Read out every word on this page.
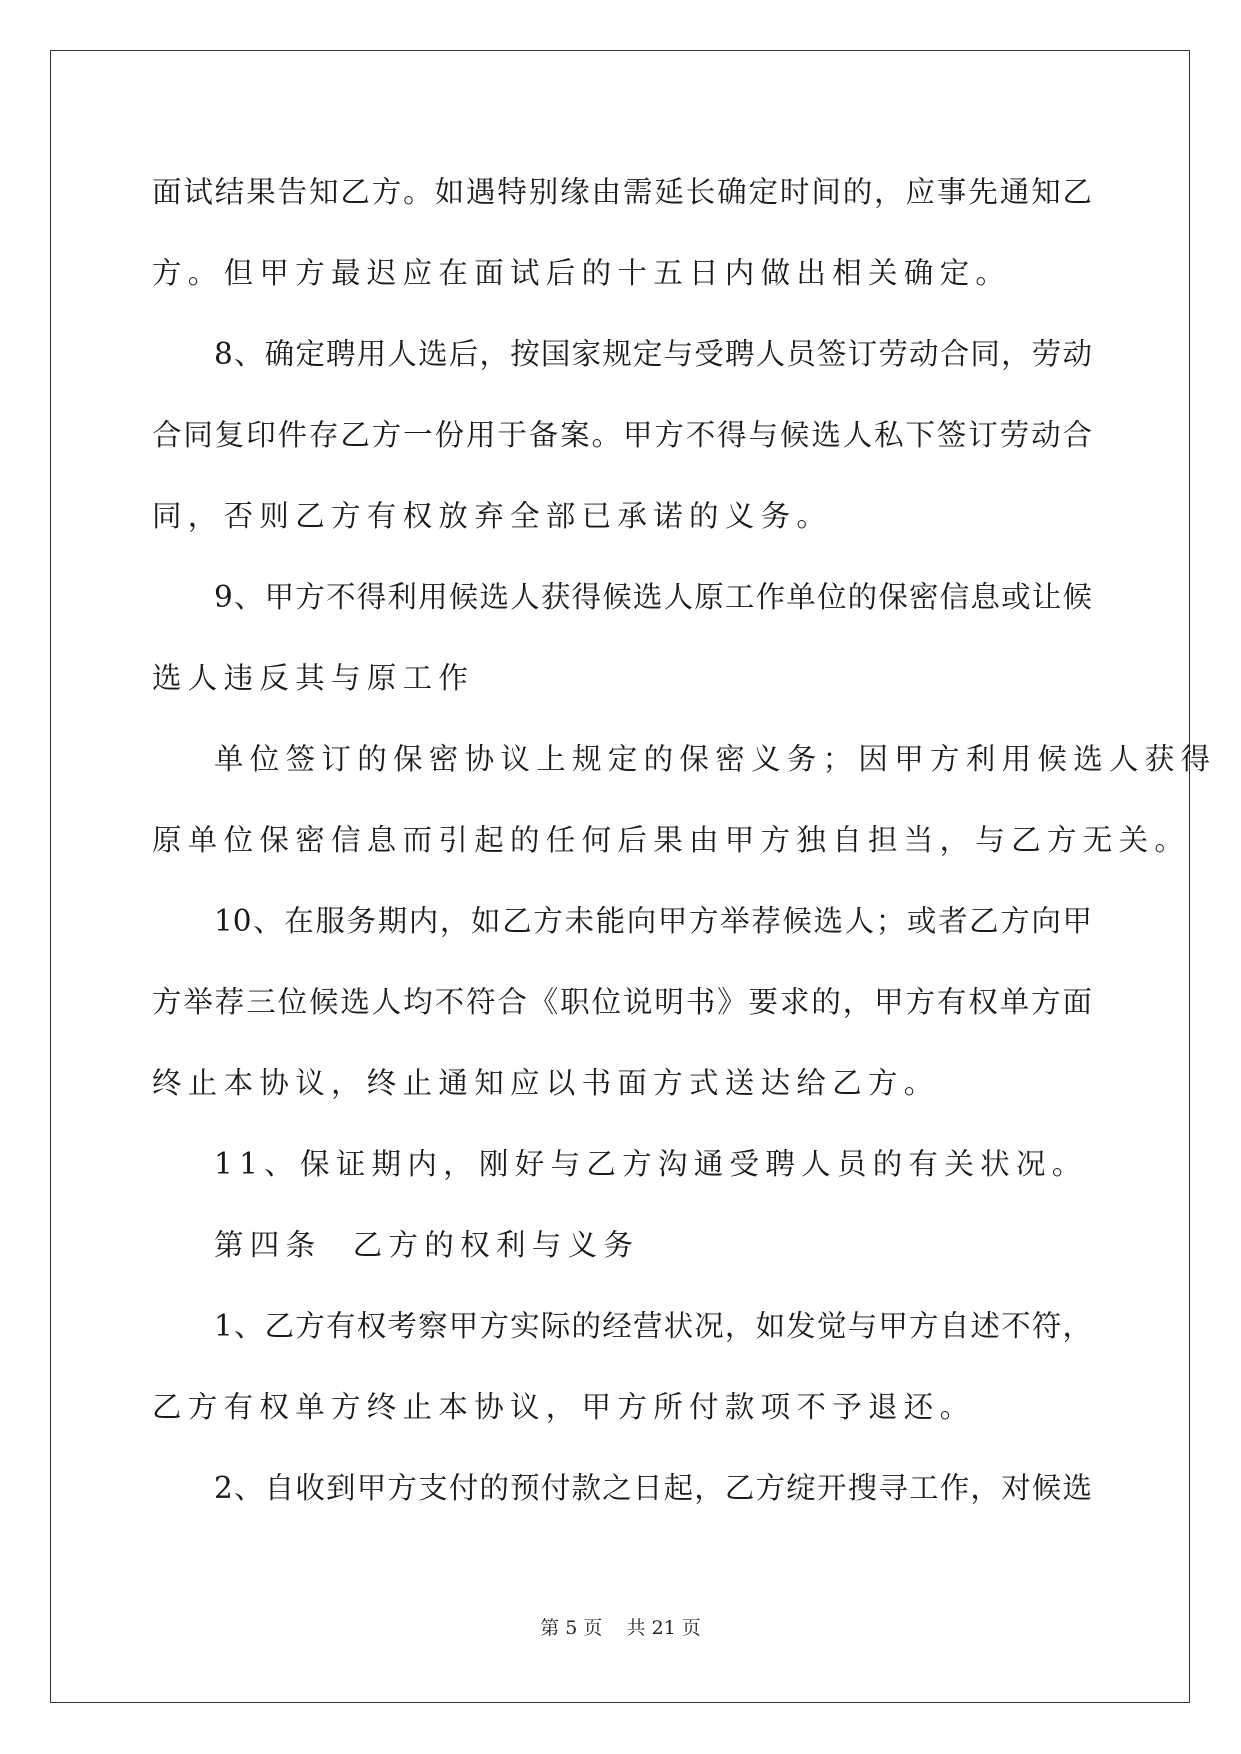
面试结果告知乙方。如遇特别缘由需延长确定时间的，应事先通知乙
方。但甲方最迟应在面试后的十五日内做出相关确定。
8、确定聘用人选后，按国家规定与受聘人员签订劳动合同，劳动
合同复印件存乙方一份用于备案。甲方不得与候选人私下签订劳动合
同，否则乙方有权放弃全部已承诺的义务。
9、甲方不得利用候选人获得候选人原工作单位的保密信息或让候
选人违反其与原工作
单位签订的保密协议上规定的保密义务；因甲方利用候选人获得
原单位保密信息而引起的任何后果由甲方独自担当，与乙方无关。
10、在服务期内，如乙方未能向甲方举荐候选人；或者乙方向甲
方举荐三位候选人均不符合《职位说明书》要求的，甲方有权单方面
终止本协议，终止通知应以书面方式送达给乙方。
11、保证期内，刚好与乙方沟通受聘人员的有关状况。
第四条  乙方的权利与义务
1、乙方有权考察甲方实际的经营状况，如发觉与甲方自述不符，
乙方有权单方终止本协议，甲方所付款项不予退还。
2、自收到甲方支付的预付款之日起，乙方绽开搜寻工作，对候选
第 5 页    共 21 页
